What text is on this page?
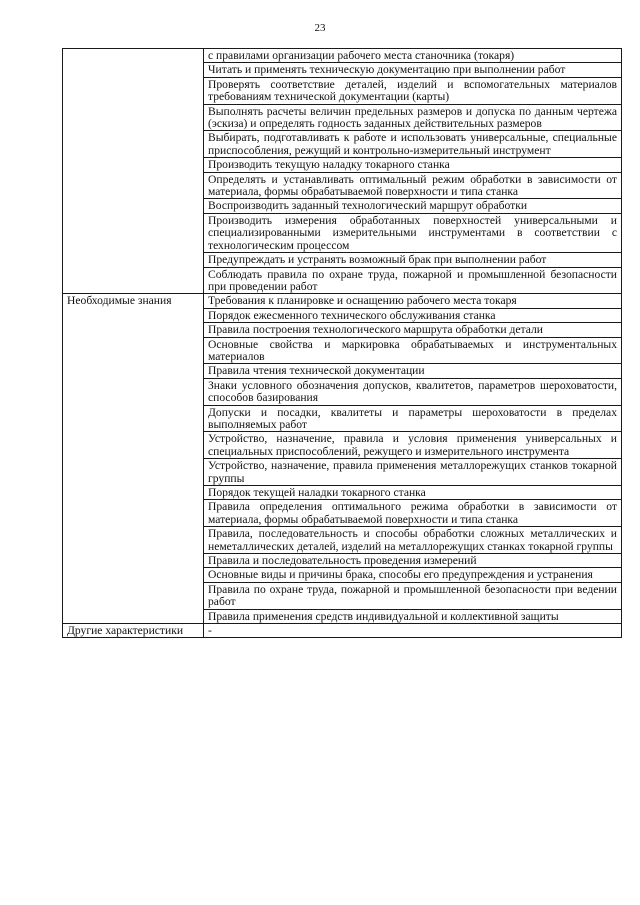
23
	с правилами организации рабочего места станочника (токаря)
	Читать и применять техническую документацию при выполнении работ
	Проверять соответствие деталей, изделий и вспомогательных материалов требованиям технической документации (карты)
	Выполнять расчеты величин предельных размеров и допуска по данным чертежа (эскиза) и определять годность заданных действительных размеров
	Выбирать, подготавливать к работе и использовать универсальные, специальные приспособления, режущий и контрольно-измерительный инструмент
	Производить текущую наладку токарного станка
	Определять и устанавливать оптимальный режим обработки в зависимости от материала, формы обрабатываемой поверхности и типа станка
	Воспроизводить заданный технологический маршрут обработки
	Производить измерения обработанных поверхностей универсальными и специализированными измерительными инструментами в соответствии с технологическим процессом
	Предупреждать и устранять возможный брак при выполнении работ
	Соблюдать правила по охране труда, пожарной и промышленной безопасности при проведении работ
Необходимые знания	Требования к планировке и оснащению рабочего места токаря
	Порядок ежесменного технического обслуживания станка
	Правила построения технологического маршрута обработки детали
	Основные свойства и маркировка обрабатываемых и инструментальных материалов
	Правила чтения технической документации
	Знаки условного обозначения допусков, квалитетов, параметров шероховатости, способов базирования
	Допуски и посадки, квалитеты и параметры шероховатости в пределах выполняемых работ
	Устройство, назначение, правила и условия применения универсальных и специальных приспособлений, режущего и измерительного инструмента
	Устройство, назначение, правила применения металлорежущих станков токарной группы
	Порядок текущей наладки токарного станка
	Правила определения оптимального режима обработки в зависимости от материала, формы обрабатываемой поверхности и типа станка
	Правила, последовательность и способы обработки сложных металлических и неметаллических деталей, изделий на металлорежущих станках токарной группы
	Правила и последовательность проведения измерений
	Основные виды и причины брака, способы его предупреждения и устранения
	Правила по охране труда, пожарной и промышленной безопасности при ведении работ
	Правила применения средств индивидуальной и коллективной защиты
Другие характеристики	-
